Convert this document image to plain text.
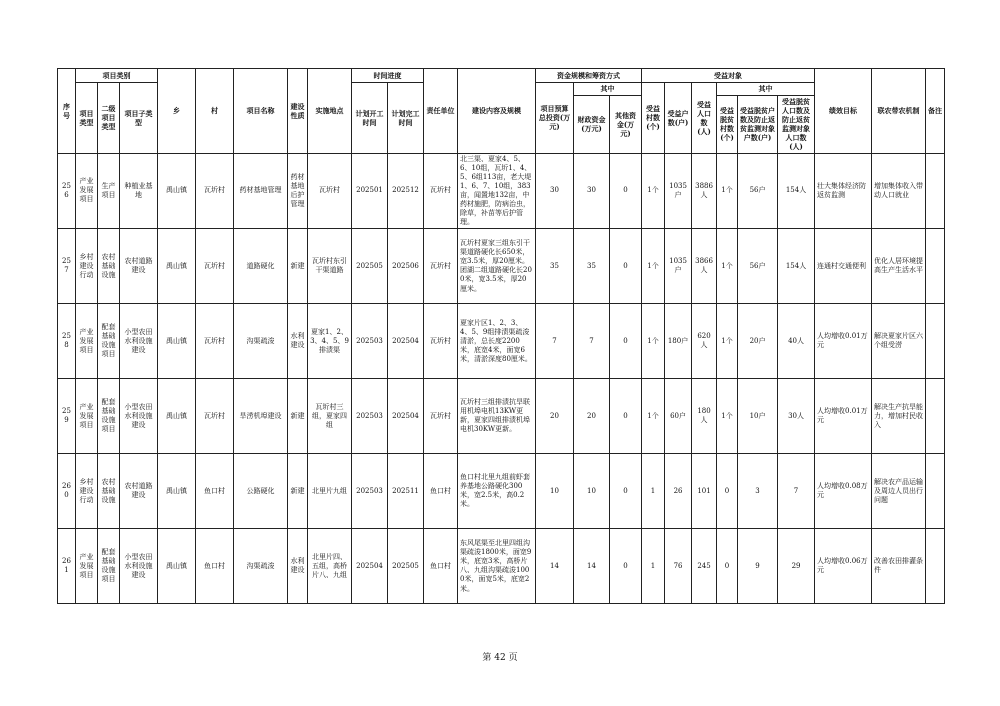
序号	项目类别			乡	村	项目名称	建设性质	实施地点	时间进度		责任单位	建设内容及规模	资金规模和筹资方式			受益对象						绩效目标	联农带农机制	备注
	项目类型	二级项目类型	项目子类型						计划开工时间	计划完工时间			项目预算总投资(万元)	其中		受益村数(个)	受益户数(户)	受益人口数(人)	其中					
														财政资金(万元)	其他资金(万元)				受益脱贫村数(个)	受益脱贫户数及防止返贫监测对象户数(户)	受益脱贫人口数及防止返贫监测对象人口数(人)			
256	产业发展项目	生产项目	种植业基地	禹山镇	瓦圻村	药材基地管理	药材基地后护管理	瓦圻村	202501	202512	瓦圻村	北三渠、夏家4、5、6、10组，瓦圻1、4、5、6组113亩，老大堤1、6、7、10组，383亩，闻置地132亩，中药材施肥，防病治虫，除草，补苗等后护管理。	30	30	0	1个	1035户	3886人	1个	56户	154人	壮大集体经济防返贫监测	增加集体收入带动人口就业	
257	乡村建设行动	农村基础设施	农村道路建设	禹山镇	瓦圻村	道路硬化	新建	瓦圻村东引干渠道路	202505	202506	瓦圻村	瓦圻村夏家三组东引干渠道路硬化长650米，宽3.5米，厚20厘米。团湖二组道路硬化长200米，宽3.5米，厚20厘米。	35	35	0	1个	1035户	3866人	1个	56户	154人	连通村交通便利	优化人居环境提高生产生活水平	
258	产业发展项目	配套基础设施项目	小型农田水利设施建设	禹山镇	瓦圻村	沟渠疏浚	水利建设	夏家1、2、3、4、5、9排渍渠	202503	202504	瓦圻村	夏家片区1、2、3、4、5、9组排渍渠疏浚清淤，总长度2200米，底宽4米，面宽6米，清淤深度80厘米。	7	7	0	1个	180户	620人	1个	20户	40人	人均增收0.01万元	解决夏家片区六个组受涝	
259	产业发展项目	配套基础设施项目	小型农田水利设施建设	禹山镇	瓦圻村	旱涝机埠建设	新建	瓦圻村三组，夏家四组	202503	202504	瓦圻村	瓦圻村三组排渍抗旱联用机埠电机13KW更新，夏家四组排渍机埠电机30KW更新。	20	20	0	1个	60户	180人	1个	10户	30人	人均增收0.01万元	解决生产抗旱能力，增加村民收入	
260	乡村建设行动	农村基础设施	农村道路建设	禹山镇	鱼口村	公路硬化	新建	北里片九组	202503	202511	鱼口村	鱼口村北里九组前虾套养基地公路硬化300米，宽2.5米，高0.2米。	10	10	0	1	26	101	0	3	7	人均增收0.08万元	解决农产品运输及周边人员出行问题	
261	产业发展项目	配套基础设施项目	小型农田水利设施建设	禹山镇	鱼口村	沟渠疏浚	水利建设	北里片四、五组，高桥片八、九组	202504	202505	鱼口村	东风尾渠至北里四组沟渠疏浚1800米，面宽9米，底宽3米，高桥片八、九组沟渠疏浚1000米，面宽5米，底宽2米。	14	14	0	1	76	245	0	9	29	人均增收0.06万元	改善农田排灌条件	
第 42 页
